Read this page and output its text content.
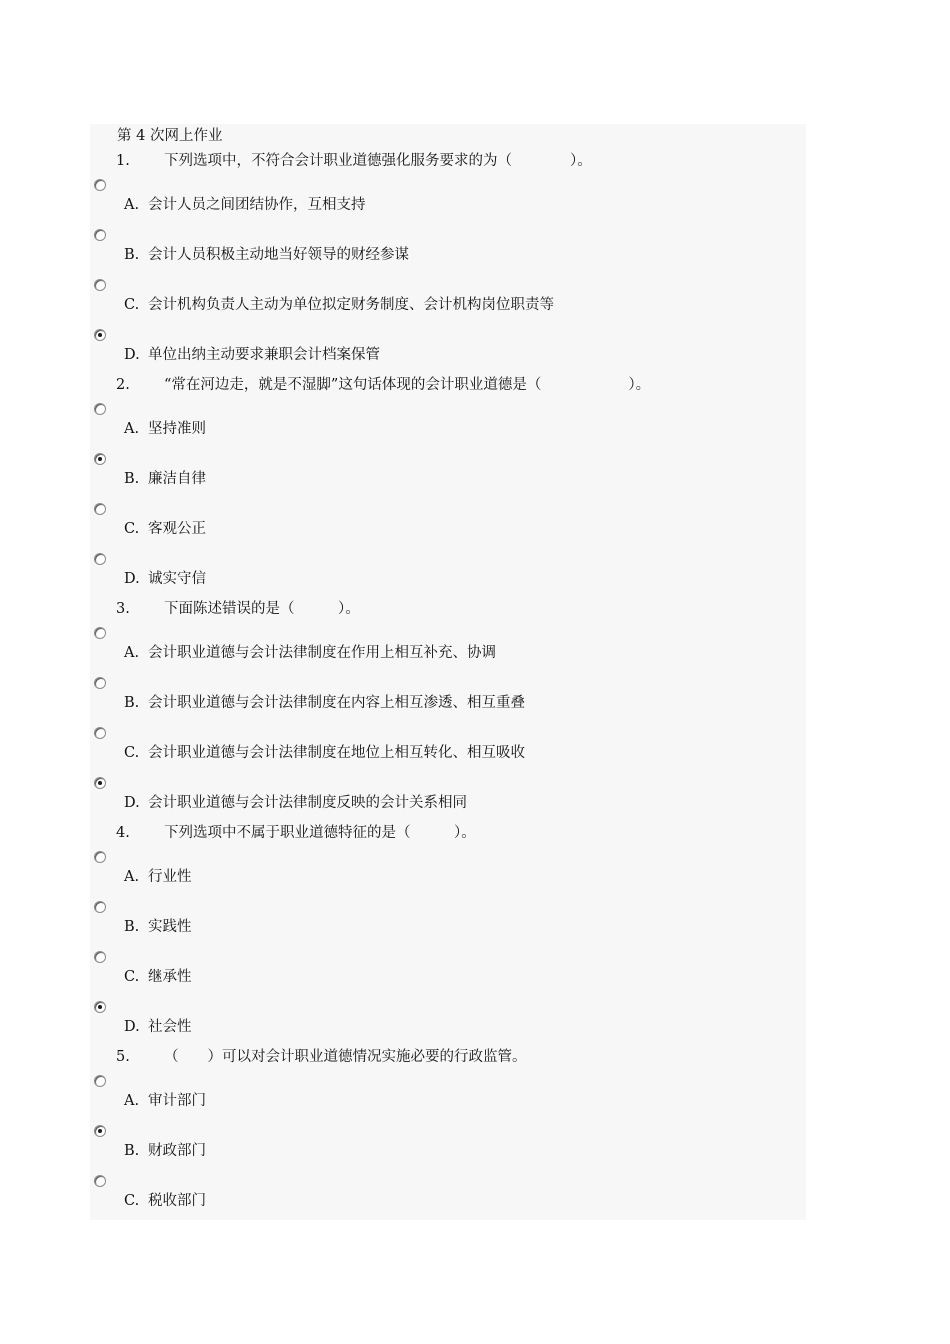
第 4 次网上作业
1. 下列选项中，不符合会计职业道德强化服务要求的为（　　　　）。
A. 会计人员之间团结协作，互相支持
B. 会计人员积极主动地当好领导的财经参谋
C. 会计机构负责人主动为单位拟定财务制度、会计机构岗位职责等
D. 单位出纳主动要求兼职会计档案保管
2. “常在河边走，就是不湿脚”这句话体现的会计职业道德是（　　　　　　）。
A. 坚持准则
B. 廉洁自律
C. 客观公正
D. 诚实守信
3. 下面陈述错误的是（　　　）。
A. 会计职业道德与会计法律制度在作用上相互补充、协调
B. 会计职业道德与会计法律制度在内容上相互渗透、相互重叠
C. 会计职业道德与会计法律制度在地位上相互转化、相互吸收
D. 会计职业道德与会计法律制度反映的会计关系相同
4. 下列选项中不属于职业道德特征的是（　　　）。
A. 行业性
B. 实践性
C. 继承性
D. 社会性
5. （　　）可以对会计职业道德情况实施必要的行政监管。
A. 审计部门
B. 财政部门
C. 税收部门
